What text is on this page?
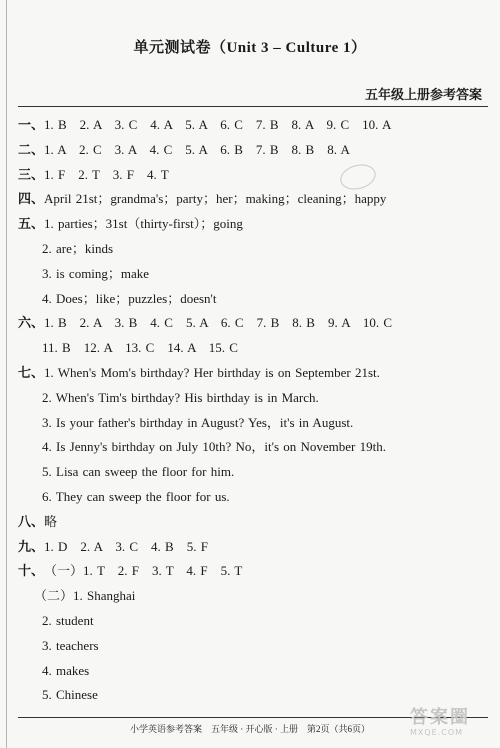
单元测试卷（Unit 3 – Culture 1）
五年级上册参考答案
一、1. B　2. A　3. C　4. A　5. A　6. C　7. B　8. A　9. C　10. A
二、1. A　2. C　3. A　4. C　5. A　6. B　7. B　8. B　8. A
三、1. F　2. T　3. F　4. T
四、April 21st；grandma's；party；her；making；cleaning；happy
五、1. parties；31st（thirty-first）；going
2. are；kinds
3. is coming；make
4. Does；like；puzzles；doesn't
六、1. B　2. A　3. B　4. C　5. A　6. C　7. B　8. B　9. A　10. C
11. B　12. A　13. C　14. A　15. C
七、1. When's Mom's birthday? Her birthday is on September 21st.
2. When's Tim's birthday? His birthday is in March.
3. Is your father's birthday in August? Yes，it's in August.
4. Is Jenny's birthday on July 10th? No，it's on November 19th.
5. Lisa can sweep the floor for him.
6. They can sweep the floor for us.
八、略
九、1. D　2. A　3. C　4. B　5. F
十、（一）1. T　2. F　3. T　4. F　5. T
（二）1. Shanghai
2. student
3. teachers
4. makes
5. Chinese
小学英语参考答案　五年级 · 开心版 · 上册　第2页（共6页）
答案圈
MXQE.COM
